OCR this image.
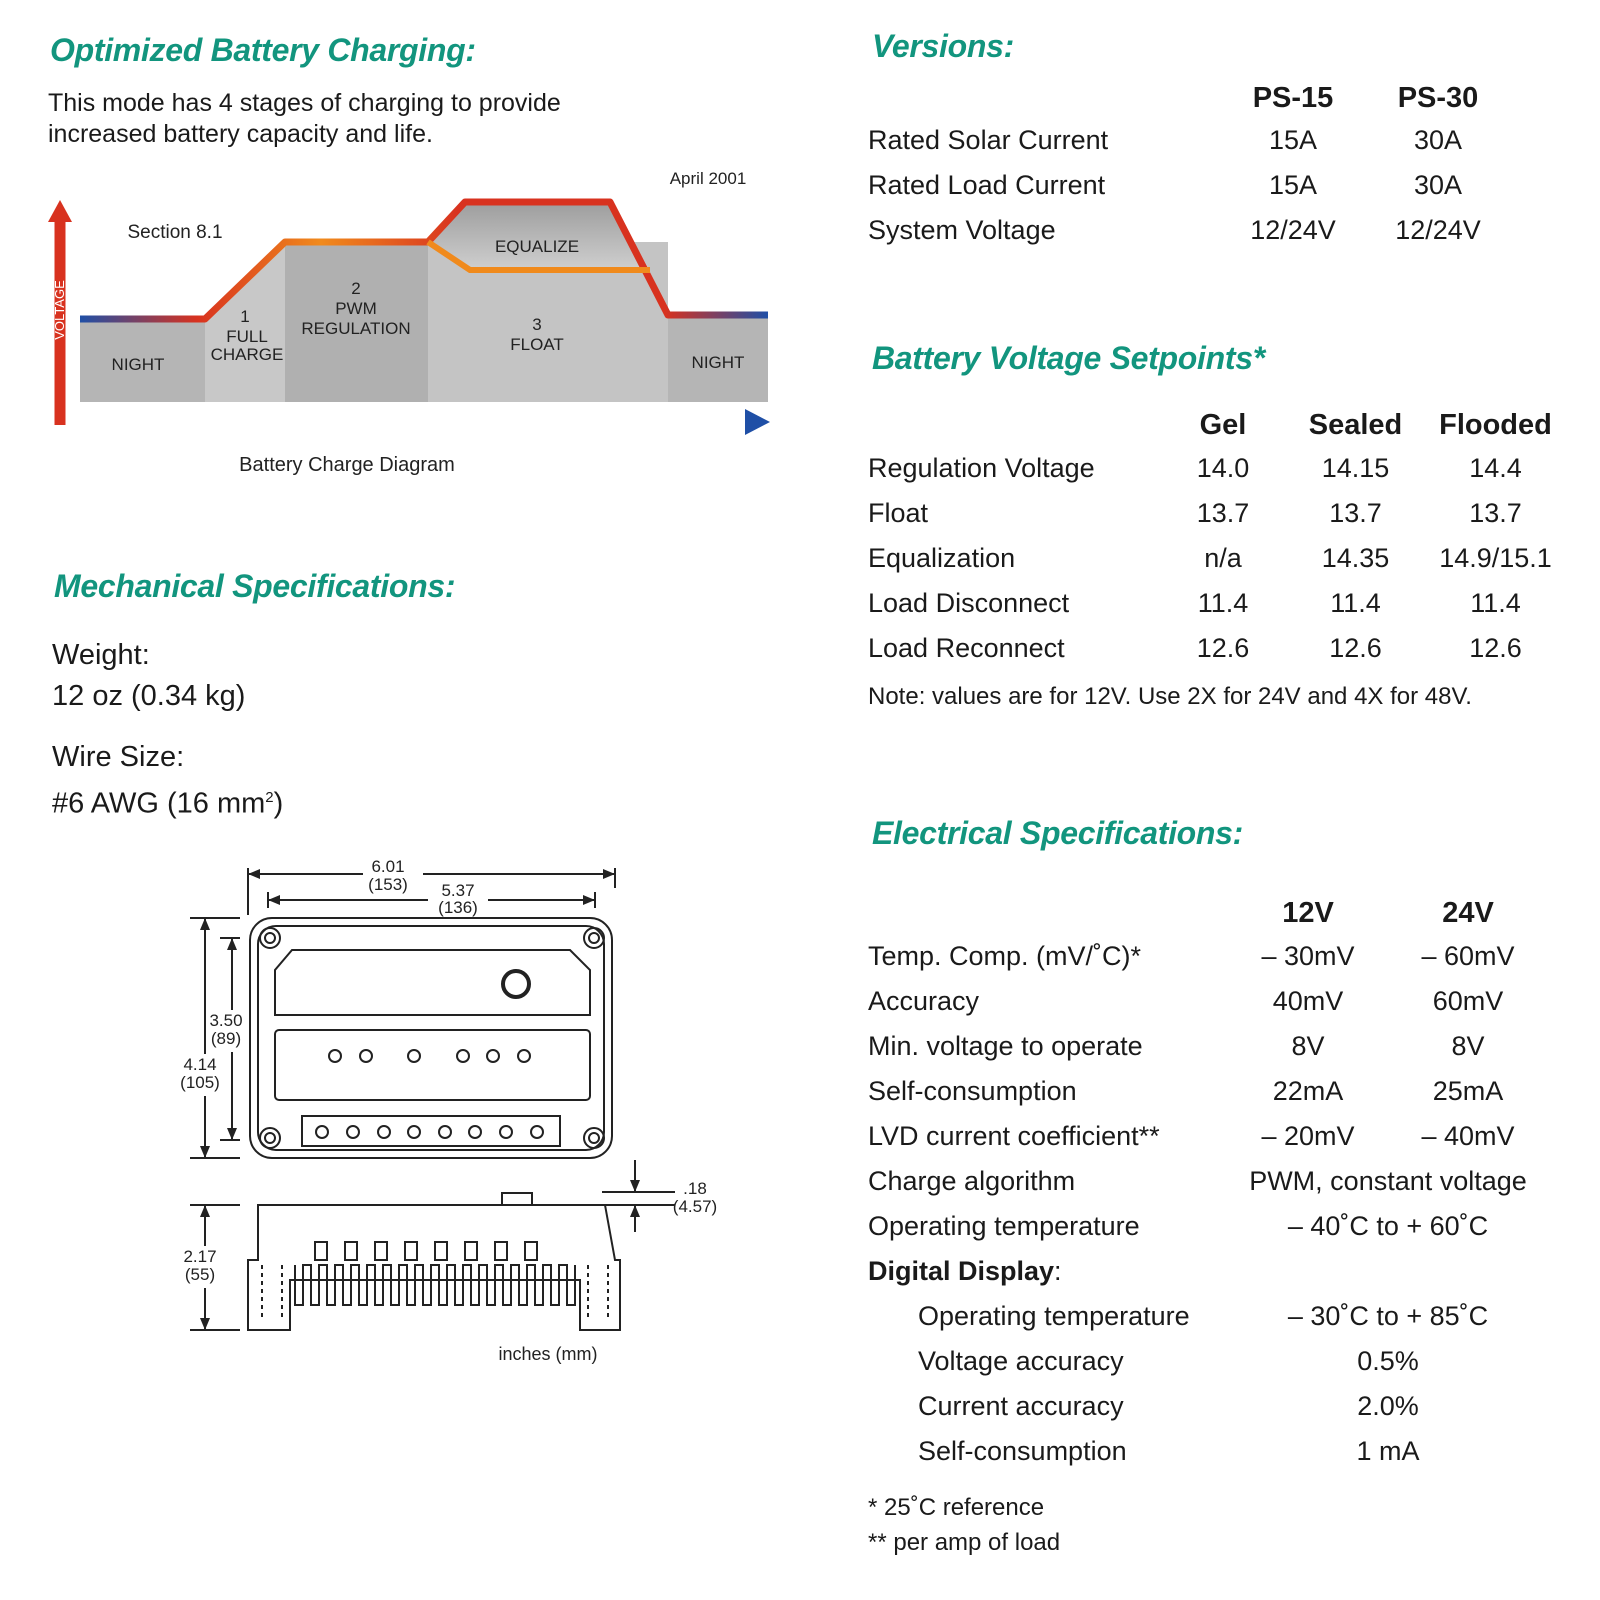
Optimized Battery Charging:
This mode has 4 stages of charging to provide
increased battery capacity and life.
VOLTAGE
TIME
April 2001
Section 8.1
NIGHT
1
FULL
CHARGE
2
PWM
REGULATION
EQUALIZE
3
FLOAT
NIGHT
Battery Charge Diagram
Mechanical Specifications:
Weight:
12 oz (0.34 kg)
Wire Size:
#6 AWG (16 $mm^2$)
6.01
(153) 5.37
(136)
3.50
(89)
4.14
(105)
2.17
(55)
.18
(4.57)
inches (mm)
Versions:
	PS-15	PS-30
Rated Solar Current	15A	30A
Rated Load Current	15A	30A
System Voltage	12/24V	12/24V
Battery Voltage Setpoints*
	Gel	Sealed	Flooded
Regulation Voltage	14.0	14.15	14.4
Float	13.7	13.7	13.7
Equalization	n/a	14.35	14.9/15.1
Load Disconnect	11.4	11.4	11.4
Load Reconnect	12.6	12.6	12.6
Note: values are for 12V. Use 2X for 24V and 4X for 48V.
Electrical Specifications:
	12V	24V
Temp. Comp. (mV/˚C)*	– 30mV	– 60mV
Accuracy	40mV	60mV
Min. voltage to operate	8V	8V
Self-consumption	22mA	25mA
LVD current coefficient**	– 20mV	– 40mV
Charge algorithm	PWM, constant voltage	
Operating temperature	– 40˚C to + 60˚C	
Digital Display:		
Operating temperature	– 30˚C to + 85˚C	
Voltage accuracy	0.5%	
Current accuracy	2.0%	
Self-consumption	1 mA	
* 25˚C reference
** per amp of load
